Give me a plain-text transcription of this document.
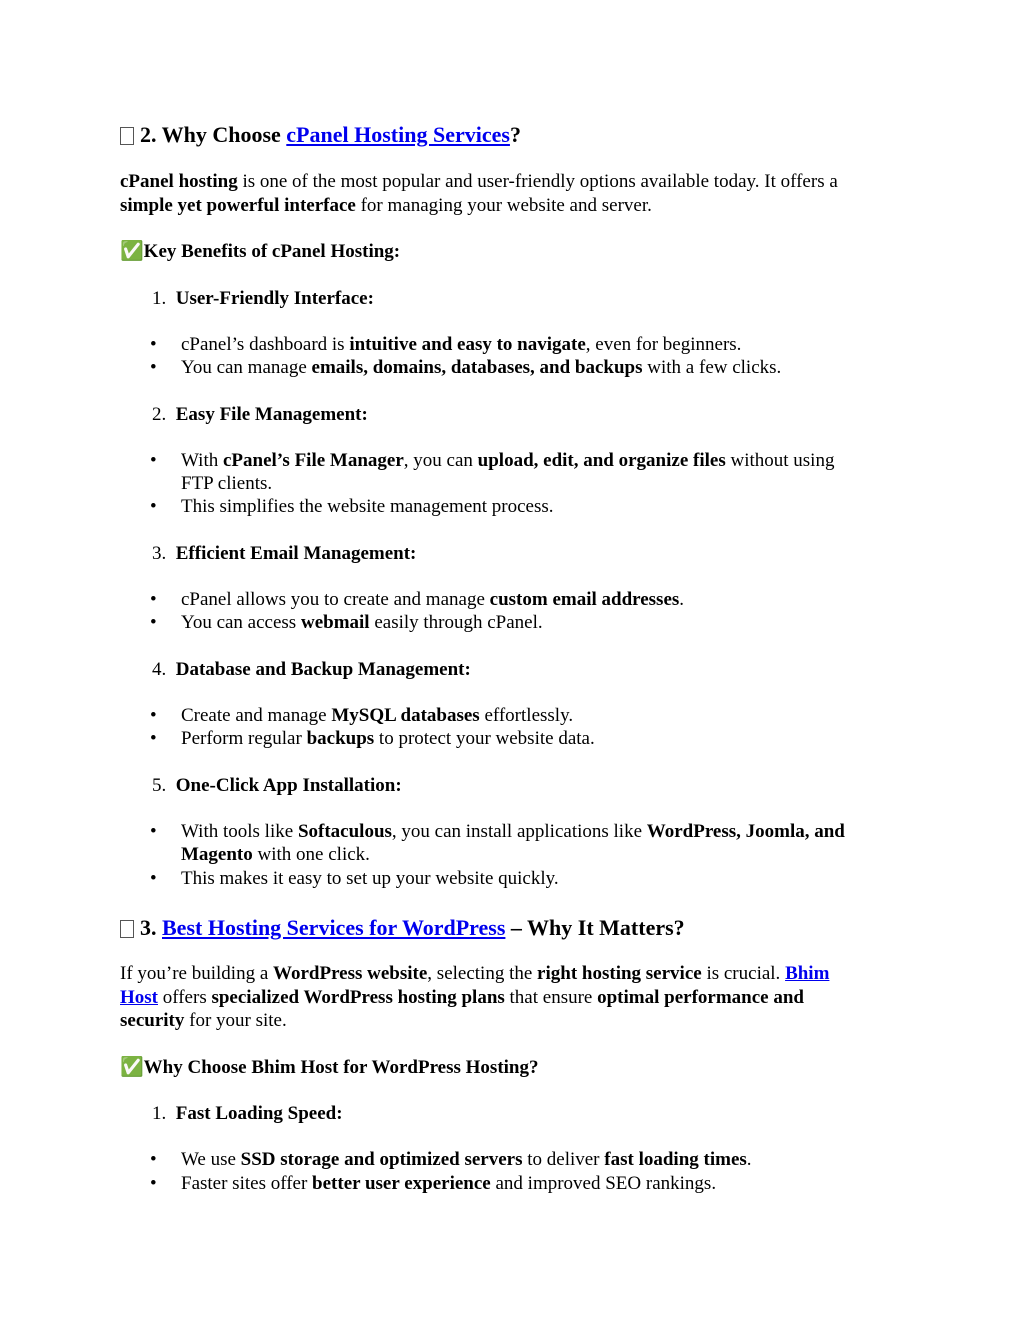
2. Why Choose cPanel Hosting Services?
cPanel hosting is one of the most popular and user-friendly options available today. It offers a
simple yet powerful interface for managing your website and server.
✅Key Benefits of cPanel Hosting:
1. User-Friendly Interface:
• cPanel’s dashboard is intuitive and easy to navigate, even for beginners.
• You can manage emails, domains, databases, and backups with a few clicks.
2. Easy File Management:
• With cPanel’s File Manager, you can upload, edit, and organize files without using
FTP clients.
• This simplifies the website management process.
3. Efficient Email Management:
• cPanel allows you to create and manage custom email addresses.
• You can access webmail easily through cPanel.
4. Database and Backup Management:
• Create and manage MySQL databases effortlessly.
• Perform regular backups to protect your website data.
5. One-Click App Installation:
• With tools like Softaculous, you can install applications like WordPress, Joomla, and
Magento with one click.
• This makes it easy to set up your website quickly.
3. Best Hosting Services for WordPress – Why It Matters?
If you’re building a WordPress website, selecting the right hosting service is crucial. Bhim
Host offers specialized WordPress hosting plans that ensure optimal performance and
security for your site.
✅Why Choose Bhim Host for WordPress Hosting?
1. Fast Loading Speed:
• We use SSD storage and optimized servers to deliver fast loading times.
• Faster sites offer better user experience and improved SEO rankings.
